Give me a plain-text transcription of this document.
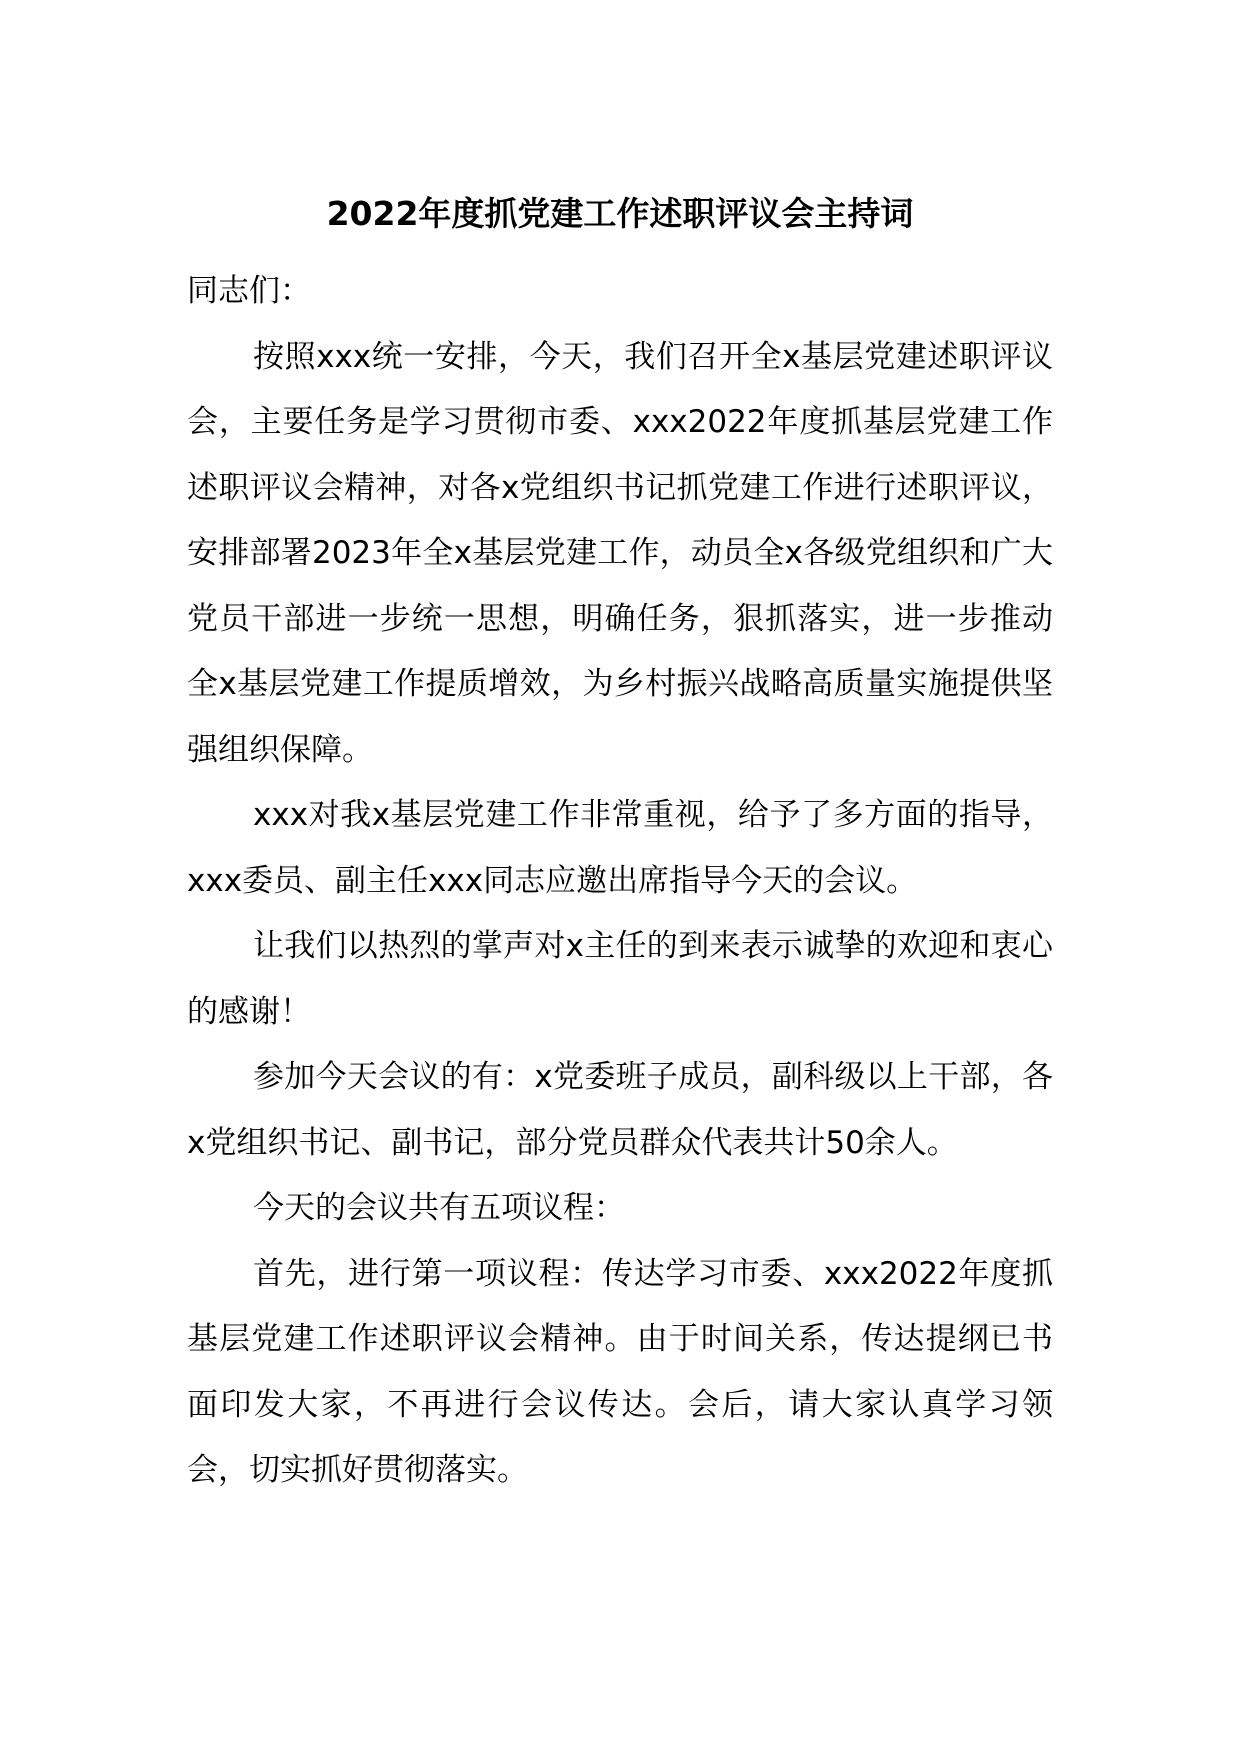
2022年度抓党建工作述职评议会主持词

同志们：

按照xxx统一安排，今天，我们召开全x基层党建述职评议会，主要任务是学习贯彻市委、xxx2022年度抓基层党建工作述职评议会精神，对各x党组织书记抓党建工作进行述职评议，安排部署2023年全x基层党建工作，动员全x各级党组织和广大党员干部进一步统一思想，明确任务，狠抓落实，进一步推动全x基层党建工作提质增效，为乡村振兴战略高质量实施提供坚强组织保障。

xxx对我x基层党建工作非常重视，给予了多方面的指导，xxx委员、副主任xxx同志应邀出席指导今天的会议。

让我们以热烈的掌声对x主任的到来表示诚挚的欢迎和衷心的感谢！

参加今天会议的有：x党委班子成员，副科级以上干部，各x党组织书记、副书记，部分党员群众代表共计50余人。

今天的会议共有五项议程：

首先，进行第一项议程：传达学习市委、xxx2022年度抓基层党建工作述职评议会精神。由于时间关系，传达提纲已书面印发大家，不再进行会议传达。会后，请大家认真学习领会，切实抓好贯彻落实。
